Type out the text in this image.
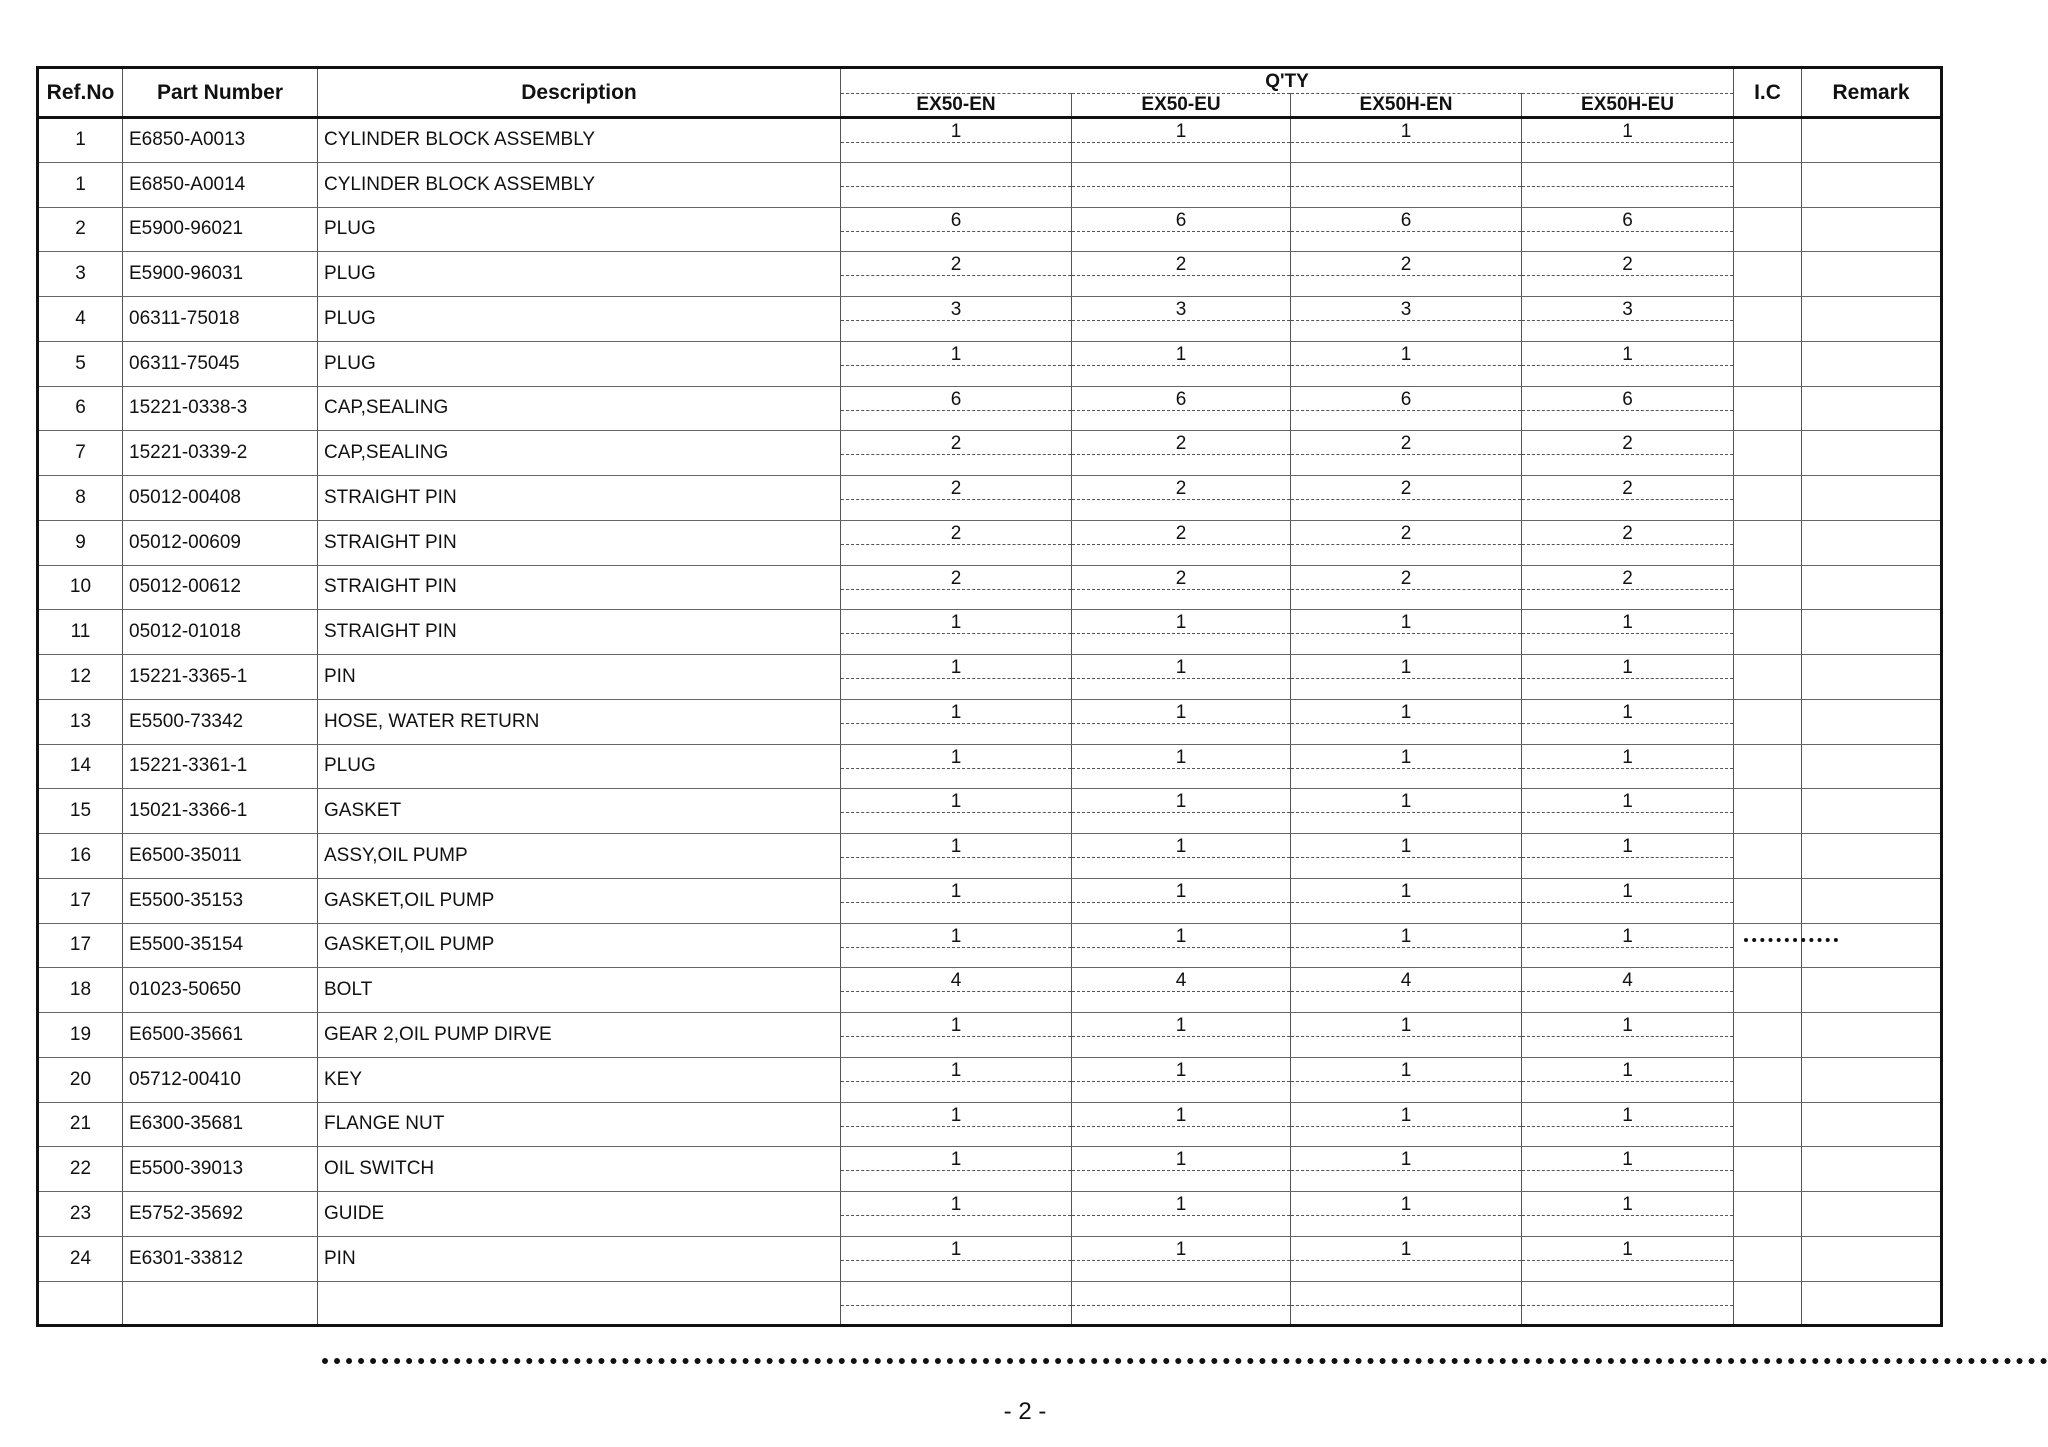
Ref.No	Part Number	Description	Q'TY				I.C	Remark
			EX50-EN	EX50-EU	EX50H-EN	EX50H-EU		
1	E6850-A0013	CYLINDER BLOCK ASSEMBLY	1	1	1	1		

1	E6850-A0014	CYLINDER BLOCK ASSEMBLY	

2	E5900-96021	PLUG	6	6	6	6		

3	E5900-96031	PLUG	2	2	2	2		

4	06311-75018	PLUG	3	3	3	3		

5	06311-75045	PLUG	1	1	1	1		

6	15221-0338-3	CAP,SEALING	6	6	6	6		

7	15221-0339-2	CAP,SEALING	2	2	2	2		

8	05012-00408	STRAIGHT PIN	2	2	2	2		

9	05012-00609	STRAIGHT PIN	2	2	2	2		

10	05012-00612	STRAIGHT PIN	2	2	2	2		

11	05012-01018	STRAIGHT PIN	1	1	1	1		

12	15221-3365-1	PIN	1	1	1	1		

13	E5500-73342	HOSE, WATER RETURN	1	1	1	1		

14	15221-3361-1	PLUG	1	1	1	1		

15	15021-3366-1	GASKET	1	1	1	1		

16	E6500-35011	ASSY,OIL PUMP	1	1	1	1		

17	E5500-35153	GASKET,OIL PUMP	1	1	1	1		

17	E5500-35154	GASKET,OIL PUMP	1	1	1	1		

18	01023-50650	BOLT	4	4	4	4		

19	E6500-35661	GEAR 2,OIL PUMP DIRVE	1	1	1	1		

20	05712-00410	KEY	1	1	1	1		

21	E6300-35681	FLANGE NUT	1	1	1	1		

22	E5500-39013	OIL SWITCH	1	1	1	1		

23	E5752-35692	GUIDE	1	1	1	1		

24	E6301-33812	PIN	1	1	1	1		

- 2 -
